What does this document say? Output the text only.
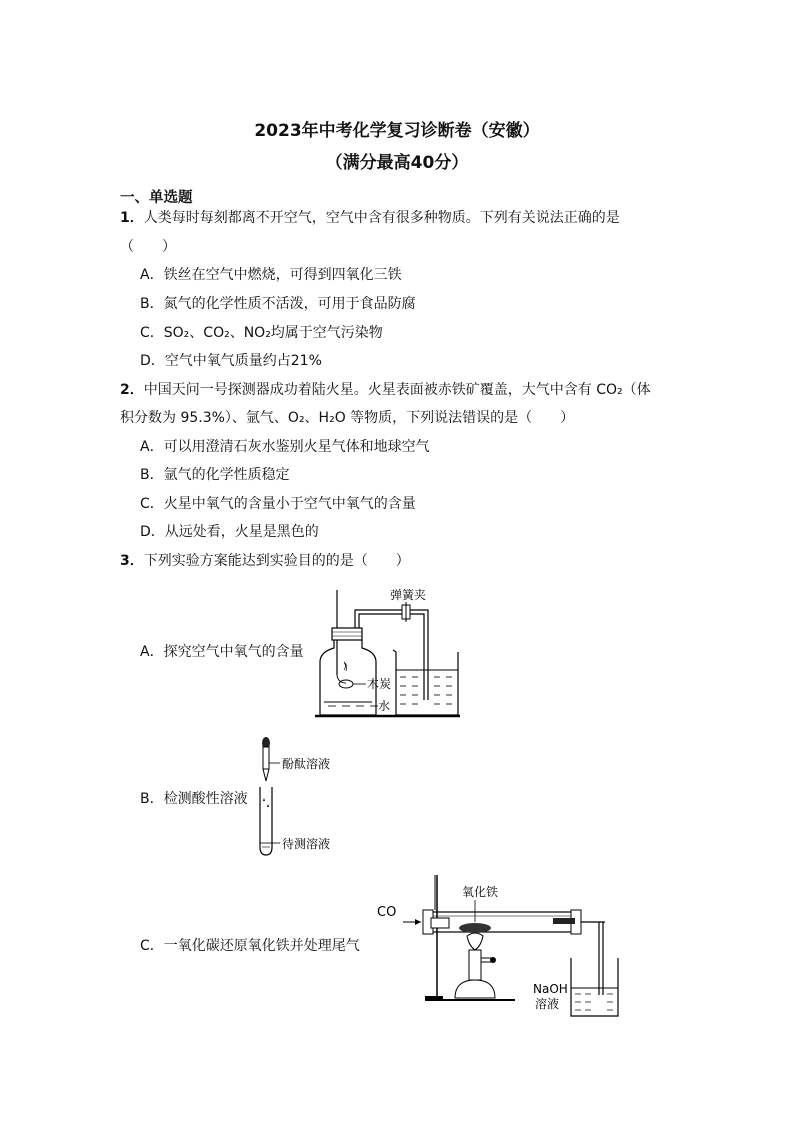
2023年中考化学复习诊断卷（安徽）
（满分最高40分）
一、单选题
1．人类每时每刻都离不开空气，空气中含有很多种物质。下列有关说法正确的是
（　　）
A．铁丝在空气中燃烧，可得到四氧化三铁
B．氮气的化学性质不活泼，可用于食品防腐
C．SO₂、CO₂、NO₂均属于空气污染物
D．空气中氧气质量约占21%
2．中国天问一号探测器成功着陆火星。火星表面被赤铁矿覆盖，大气中含有 CO₂（体
积分数为 95.3%）、氩气、O₂、H₂O 等物质，下列说法错误的是（　　）
A．可以用澄清石灰水鉴别火星气体和地球空气
B．氩气的化学性质稳定
C．火星中氧气的含量小于空气中氧气的含量
D．从远处看，火星是黑色的
3．下列实验方案能达到实验目的的是（　　）
A．探究空气中氧气的含量
B．检测酸性溶液
C．一氧化碳还原氧化铁并处理尾气
弹簧夹
木炭
水
酚酞溶液
待测溶液
CO
氧化铁
NaOH
溶液
